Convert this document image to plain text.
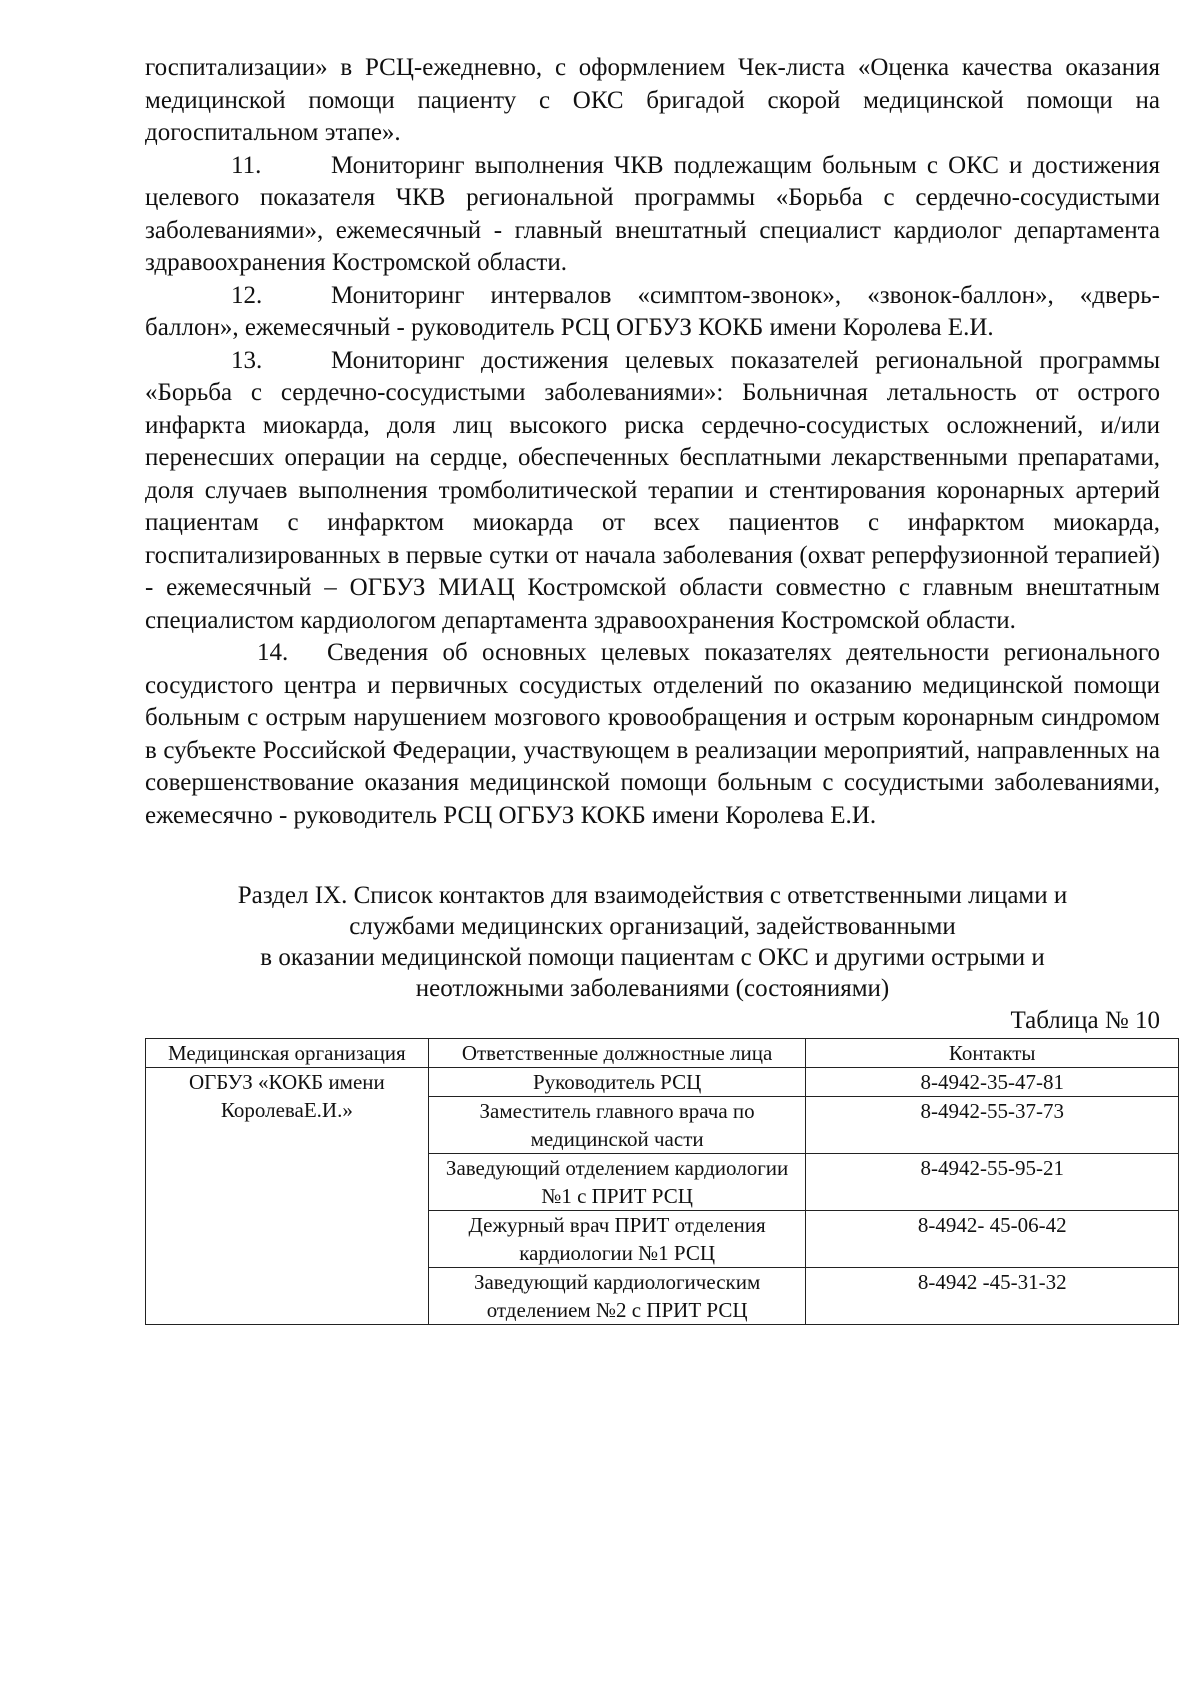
госпитализации» в РСЦ-ежедневно, с оформлением Чек-листа «Оценка качества оказания медицинской помощи пациенту с ОКС бригадой скорой медицинской помощи на догоспитальном этапе».

11.	Мониторинг выполнения ЧКВ подлежащим больным с ОКС и достижения целевого показателя ЧКВ региональной программы «Борьба с сердечно-сосудистыми заболеваниями», ежемесячный - главный внештатный специалист кардиолог департамента здравоохранения Костромской области.

12.	Мониторинг интервалов «симптом-звонок», «звонок-баллон», «дверь-баллон», ежемесячный - руководитель РСЦ ОГБУЗ КОКБ имени Королева Е.И.

13.	Мониторинг достижения целевых показателей региональной программы «Борьба с сердечно-сосудистыми заболеваниями»: Больничная летальность от острого инфаркта миокарда, доля лиц высокого риска сердечно-сосудистых осложнений, и/или перенесших операции на сердце, обеспеченных бесплатными лекарственными препаратами, доля случаев выполнения тромболитической терапии и стентирования коронарных артерий пациентам с инфарктом миокарда от всех пациентов с инфарктом миокарда, госпитализированных в первые сутки от начала заболевания (охват реперфузионной терапией) - ежемесячный – ОГБУЗ МИАЦ Костромской области совместно с главным внештатным специалистом кардиологом департамента здравоохранения Костромской области.

14. Сведения об основных целевых показателях деятельности регионального сосудистого центра и первичных сосудистых отделений по оказанию медицинской помощи больным с острым нарушением мозгового кровообращения и острым коронарным синдромом в субъекте Российской Федерации, участвующем в реализации мероприятий, направленных на совершенствование оказания медицинской помощи больным с сосудистыми заболеваниями, ежемесячно - руководитель РСЦ ОГБУЗ КОКБ имени Королева Е.И.

Раздел IX. Список контактов для взаимодействия с ответственными лицами и
службами медицинских организаций, задействованными
в оказании медицинской помощи пациентам с ОКС и другими острыми и
неотложными заболеваниями (состояниями)
Таблица № 10
Медицинская организация	Ответственные должностные лица	Контакты
ОГБУЗ «КОКБ имени КоролеваЕ.И.»	Руководитель РСЦ	8-4942-35-47-81
	Заместитель главного врача по медицинской части	8-4942-55-37-73
	Заведующий отделением кардиологии №1 с ПРИТ РСЦ	8-4942-55-95-21
	Дежурный врач ПРИТ отделения кардиологии №1 РСЦ	8-4942- 45-06-42
	Заведующий кардиологическим отделением №2 с ПРИТ РСЦ	8-4942 -45-31-32
